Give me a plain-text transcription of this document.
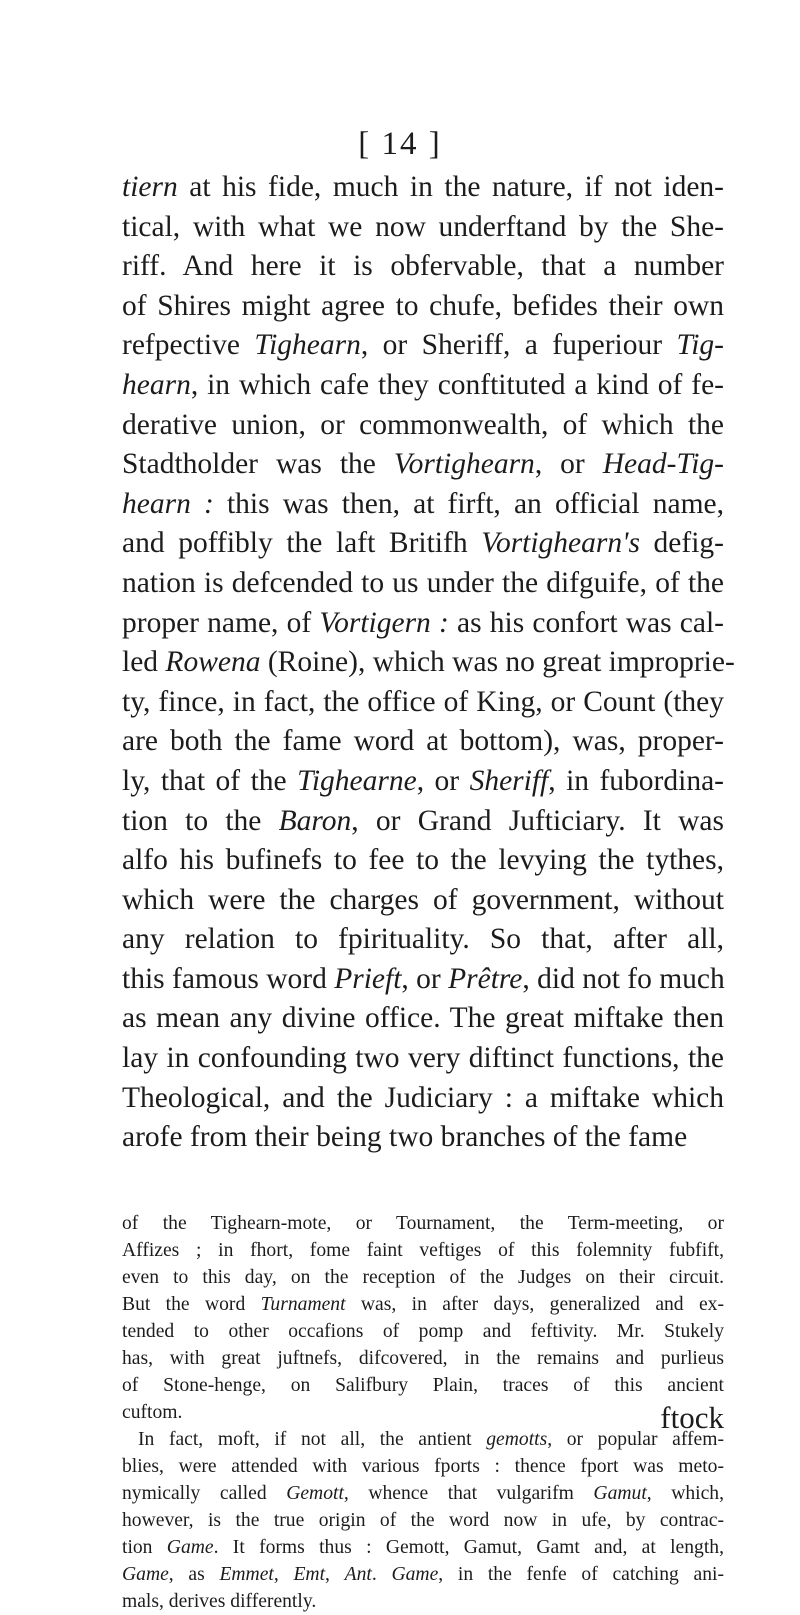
[ 14 ]
tiern at his fide, much in the nature, if not iden-
tical, with what we now underftand by the She-
riff. And here it is obfervable, that a number
of Shires might agree to chufe, befides their own
refpective Tighearn, or Sheriff, a fuperiour Tig-
hearn, in which cafe they conftituted a kind of fe-
derative union, or commonwealth, of which the
Stadtholder was the Vortighearn, or Head-Tig-
hearn : this was then, at firft, an official name,
and poffibly the laft Britifh Vortighearn's defig-
nation is defcended to us under the difguife, of the
proper name, of Vortigern : as his confort was cal-
led Rowena (Roine), which was no great improprie-
ty, fince, in fact, the office of King, or Count (they
are both the fame word at bottom), was, proper-
ly, that of the Tighearne, or Sheriff, in fubordina-
tion to the Baron, or Grand Jufticiary. It was
alfo his bufinefs to fee to the levying the tythes,
which were the charges of government, without
any relation to fpirituality. So that, after all,
this famous word Prieft, or Prêtre, did not fo much
as mean any divine office. The great miftake then
lay in confounding two very diftinct functions, the
Theological, and the Judiciary : a miftake which
arofe from their being two branches of the fame
of the Tighearn-mote, or Tournament, the Term-meeting, or
Affizes ; in fhort, fome faint veftiges of this folemnity fubfift,
even to this day, on the reception of the Judges on their circuit.
But the word Turnament was, in after days, generalized and ex-
tended to other occafions of pomp and feftivity. Mr. Stukely
has, with great juftnefs, difcovered, in the remains and purlieus
of Stone-henge, on Salifbury Plain, traces of this ancient
cuftom.
In fact, moft, if not all, the antient gemotts, or popular affem-
blies, were attended with various fports : thence fport was meto-
nymically called Gemott, whence that vulgarifm Gamut, which,
however, is the true origin of the word now in ufe, by contrac-
tion Game. It forms thus : Gemott, Gamut, Gamt and, at length,
Game, as Emmet, Emt, Ant. Game, in the fenfe of catching ani-
mals, derives differently.
ftock
